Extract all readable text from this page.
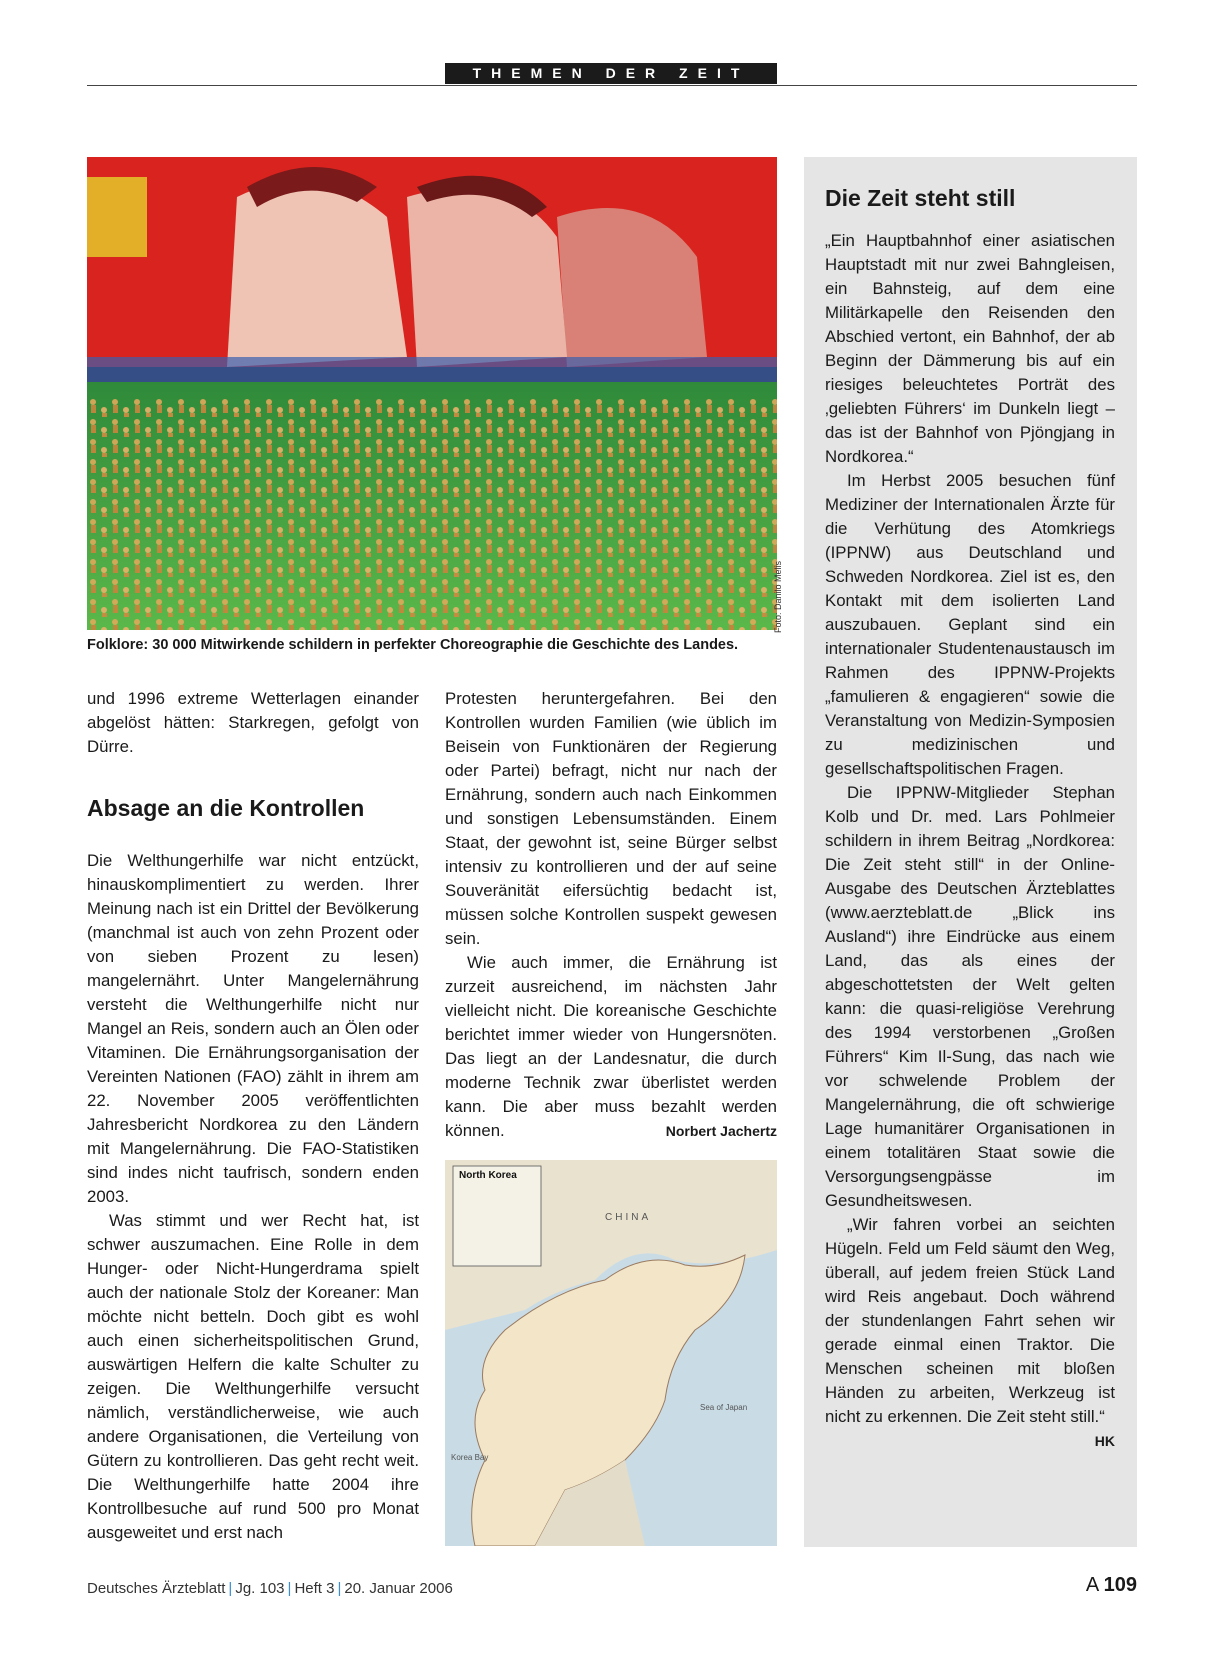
THEMEN DER ZEIT
Foto: Danilo Melis
Folklore: 30 000 Mitwirkende schildern in perfekter Choreographie die Geschichte des Landes.

und 1996 extreme Wetterlagen einander abgelöst hätten: Starkregen, gefolgt von Dürre.

Absage an die Kontrollen

Die Welthungerhilfe war nicht entzückt, hinauskomplimentiert zu werden. Ihrer Meinung nach ist ein Drittel der Bevölkerung (manchmal ist auch von zehn Prozent oder von sieben Prozent zu lesen) mangelernährt. Unter Mangelernährung versteht die Welthungerhilfe nicht nur Mangel an Reis, sondern auch an Ölen oder Vitaminen. Die Ernährungsorganisation der Vereinten Nationen (FAO) zählt in ihrem am 22. November 2005 veröffentlichten Jahresbericht Nordkorea zu den Ländern mit Mangelernährung. Die FAO-Statistiken sind indes nicht taufrisch, sondern enden 2003.

Was stimmt und wer Recht hat, ist schwer auszumachen. Eine Rolle in dem Hunger- oder Nicht-Hungerdrama spielt auch der nationale Stolz der Koreaner: Man möchte nicht betteln. Doch gibt es wohl auch einen sicherheitspolitischen Grund, auswärtigen Helfern die kalte Schulter zu zeigen. Die Welthungerhilfe versucht nämlich, verständlicherweise, wie auch andere Organisationen, die Verteilung von Gütern zu kontrollieren. Das geht recht weit. Die Welthungerhilfe hatte 2004 ihre Kontrollbesuche auf rund 500 pro Monat ausgeweitet und erst nach

Protesten heruntergefahren. Bei den Kontrollen wurden Familien (wie üblich im Beisein von Funktionären der Regierung oder Partei) befragt, nicht nur nach der Ernährung, sondern auch nach Einkommen und sonstigen Lebensumständen. Einem Staat, der gewohnt ist, seine Bürger selbst intensiv zu kontrollieren und der auf seine Souveränität eifersüchtig bedacht ist, müssen solche Kontrollen suspekt gewesen sein.

Wie auch immer, die Ernährung ist zurzeit ausreichend, im nächsten Jahr vielleicht nicht. Die koreanische Geschichte berichtet immer wieder von Hungersnöten. Das liegt an der Landesnatur, die durch moderne Technik zwar überlistet werden kann. Die aber muss bezahlt werden können.	Norbert Jachertz
North Korea
CHINA
Sea of Japan
Korea Bay
Die Zeit steht still

„Ein Hauptbahnhof einer asiatischen Hauptstadt mit nur zwei Bahngleisen, ein Bahnsteig, auf dem eine Militärkapelle den Reisenden den Abschied vertont, ein Bahnhof, der ab Beginn der Dämmerung bis auf ein riesiges beleuchtetes Porträt des ‚geliebten Führers‘ im Dunkeln liegt – das ist der Bahnhof von Pjöngjang in Nordkorea.“

Im Herbst 2005 besuchen fünf Mediziner der Internationalen Ärzte für die Verhütung des Atomkriegs (IPPNW) aus Deutschland und Schweden Nordkorea. Ziel ist es, den Kontakt mit dem isolierten Land auszubauen. Geplant sind ein internationaler Studentenaustausch im Rahmen des IPPNW-Projekts „famulieren & engagieren“ sowie die Veranstaltung von Medizin-Symposien zu medizinischen und gesellschaftspolitischen Fragen.

Die IPPNW-Mitglieder Stephan Kolb und Dr. med. Lars Pohlmeier schildern in ihrem Beitrag „Nordkorea: Die Zeit steht still“ in der Online-Ausgabe des Deutschen Ärzteblattes (www.aerzteblatt.de „Blick ins Ausland“) ihre Eindrücke aus einem Land, das als eines der abgeschottetsten der Welt gelten kann: die quasi-religiöse Verehrung des 1994 verstorbenen „Großen Führers“ Kim Il-Sung, das nach wie vor schwelende Problem der Mangelernährung, die oft schwierige Lage humanitärer Organisationen in einem totalitären Staat sowie die Versorgungsengpässe im Gesundheitswesen.

„Wir fahren vorbei an seichten Hügeln. Feld um Feld säumt den Weg, überall, auf jedem freien Stück Land wird Reis angebaut. Doch während der stundenlangen Fahrt sehen wir gerade einmal einen Traktor. Die Menschen scheinen mit bloßen Händen zu arbeiten, Werkzeug ist nicht zu erkennen. Die Zeit steht still.“
HK

Deutsches Ärzteblatt | Jg. 103 | Heft 3 | 20. Januar 2006	A 109
